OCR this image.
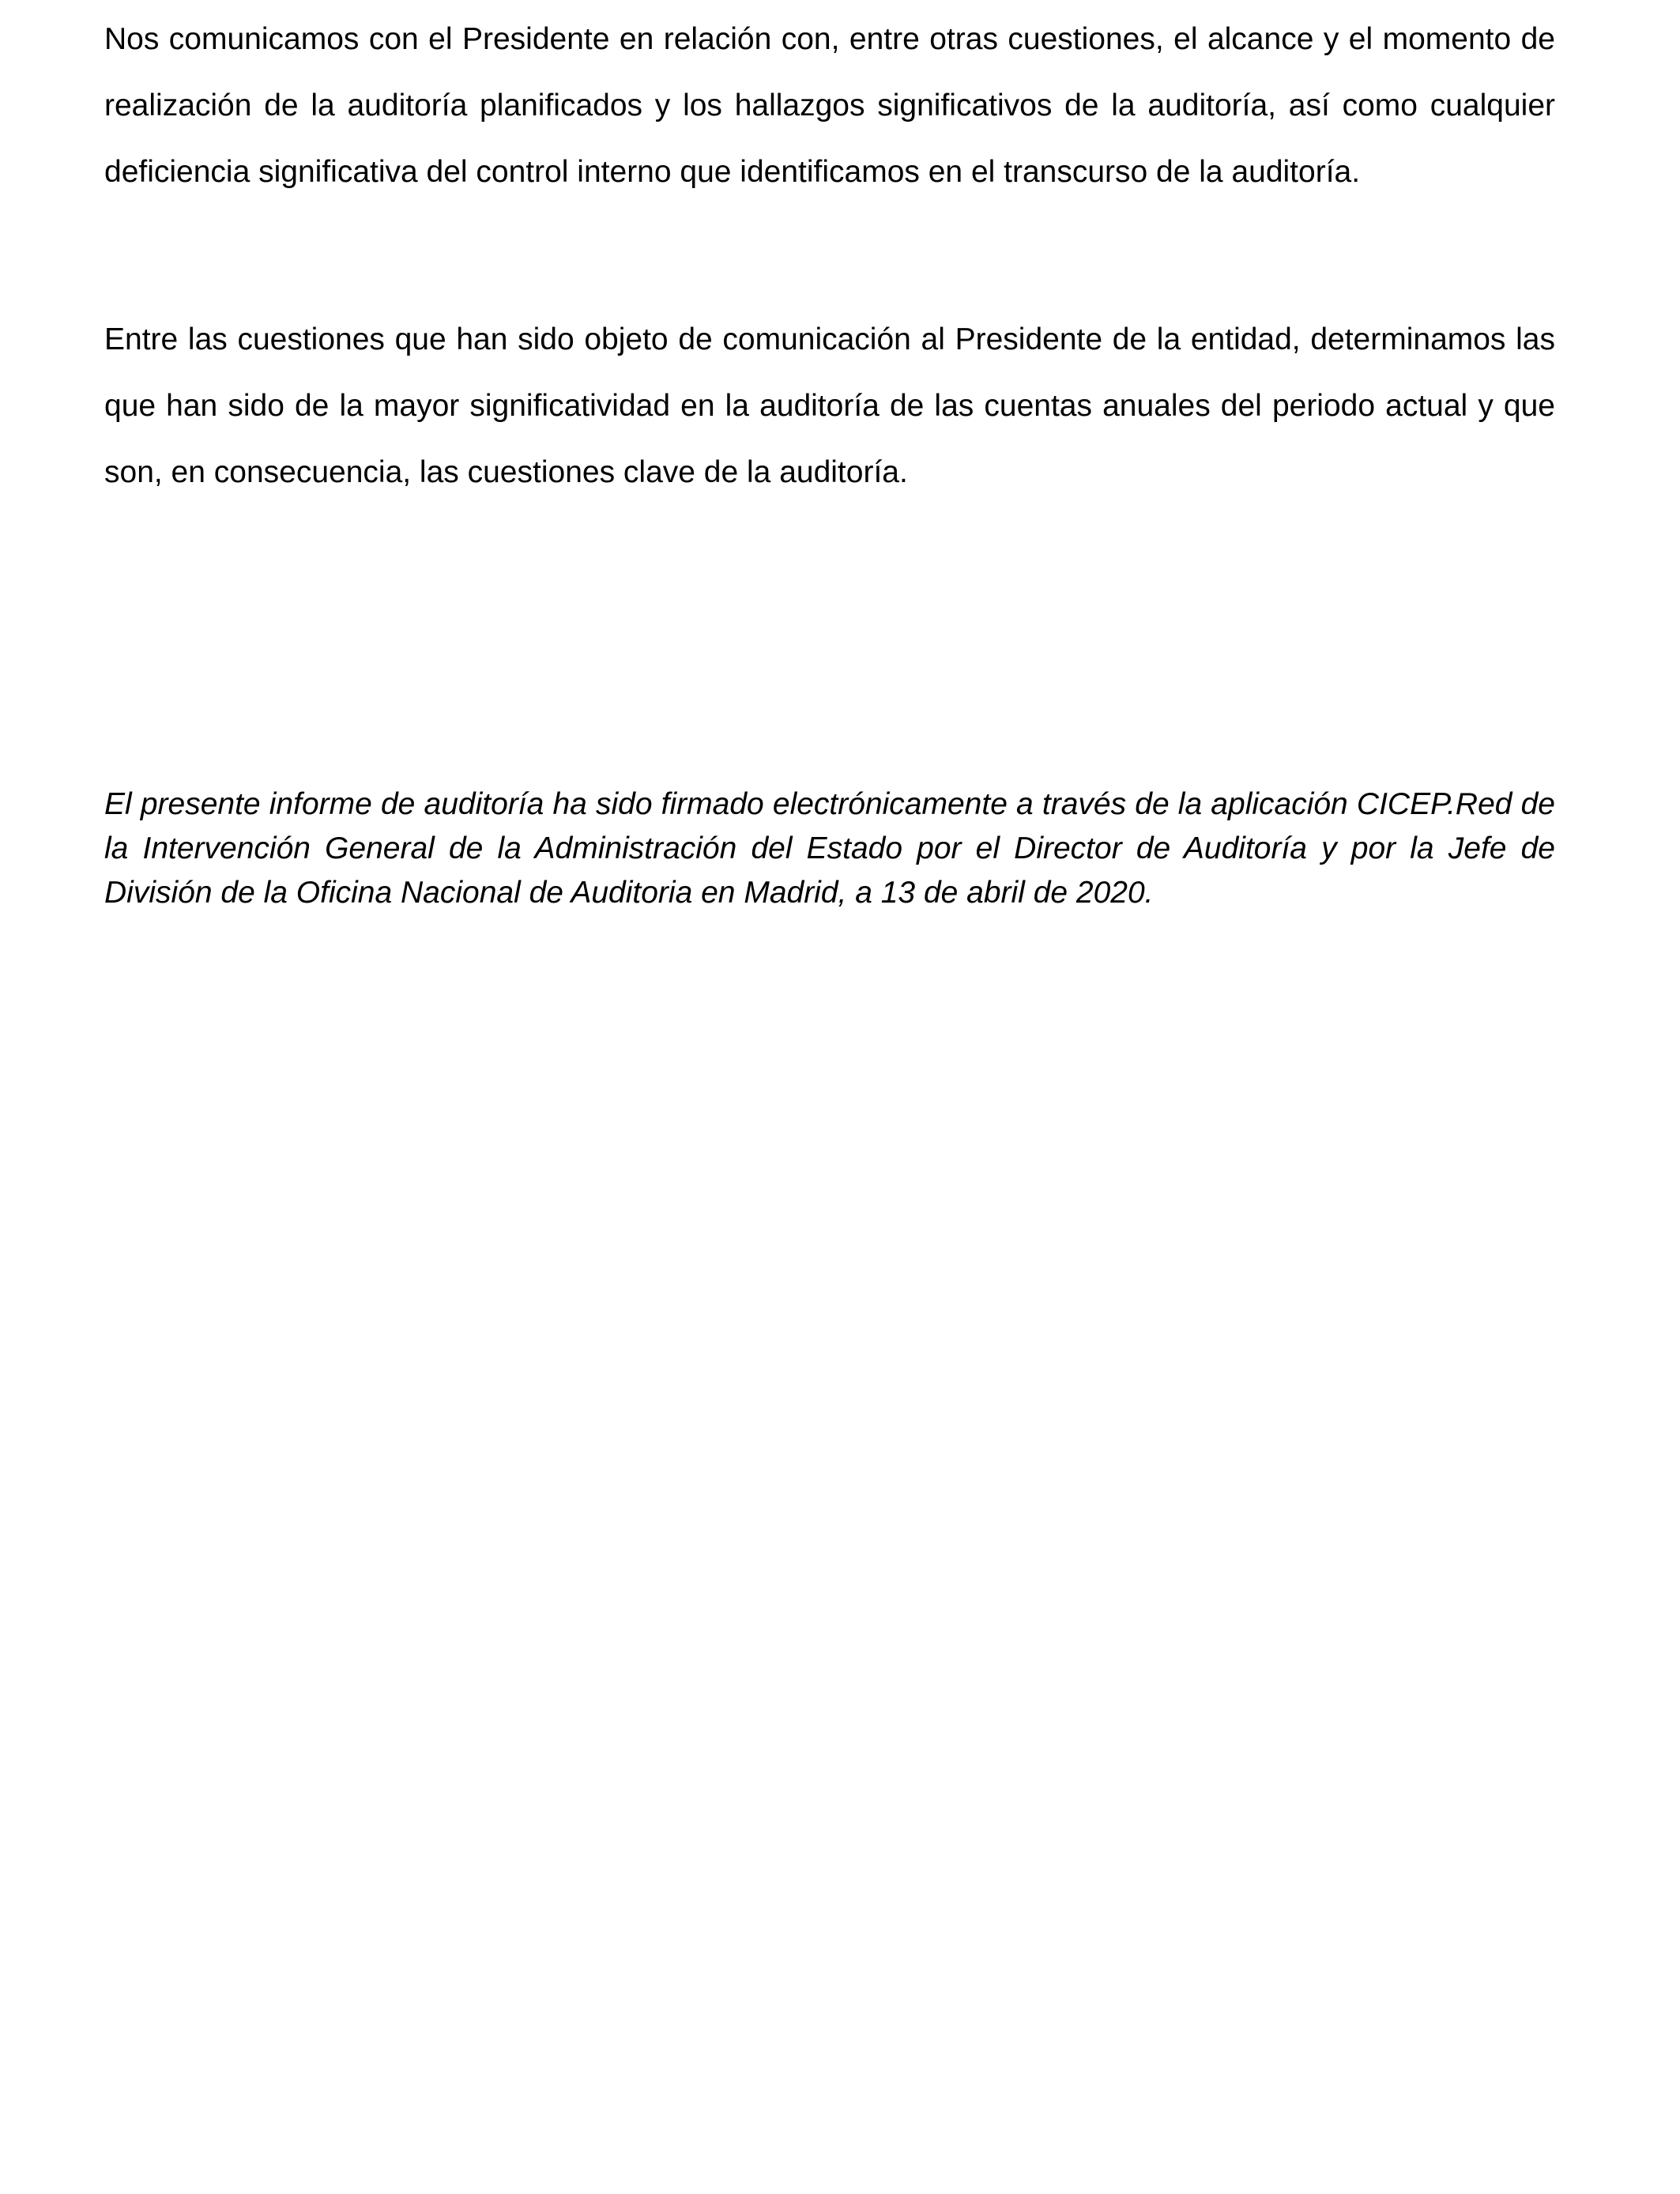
Nos comunicamos con el Presidente en relación con, entre otras cuestiones, el alcance y el momento de realización de la auditoría planificados y los hallazgos significativos de la auditoría, así como cualquier deficiencia significativa del control interno que identificamos en el transcurso de la auditoría.

Entre las cuestiones que han sido objeto de comunicación al Presidente de la entidad, determinamos las que han sido de la mayor significatividad en la auditoría de las cuentas anuales del periodo actual y que son, en consecuencia, las cuestiones clave de la auditoría.

El presente informe de auditoría ha sido firmado electrónicamente a través de la aplicación CICEP.Red de la Intervención General de la Administración del Estado por el Director de Auditoría y por la Jefe de División de la Oficina Nacional de Auditoria en Madrid, a 13 de abril de 2020.
